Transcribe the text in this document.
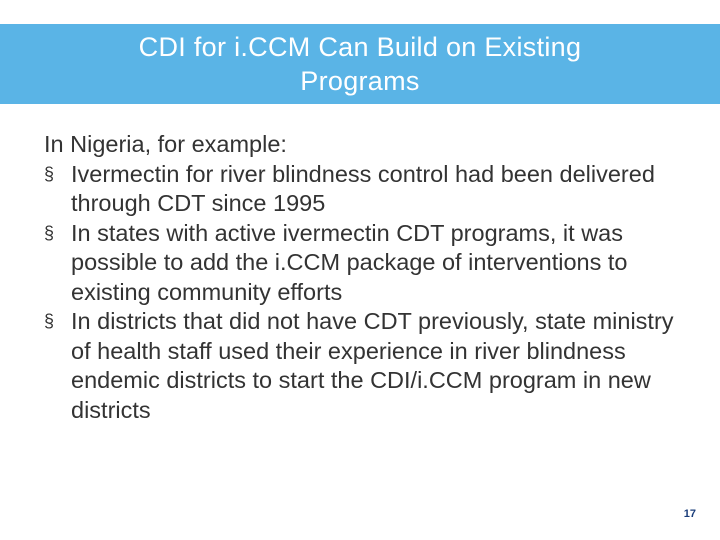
CDI for i.CCM Can Build on Existing Programs

In Nigeria, for example:

§ Ivermectin for river blindness control had been delivered through CDT since 1995
§ In states with active ivermectin CDT programs, it was possible to add the i.CCM package of interventions to existing community efforts
§ In districts that did not have CDT previously, state ministry of health staff used their experience in river blindness endemic districts to start the CDI/i.CCM program in new districts
17
